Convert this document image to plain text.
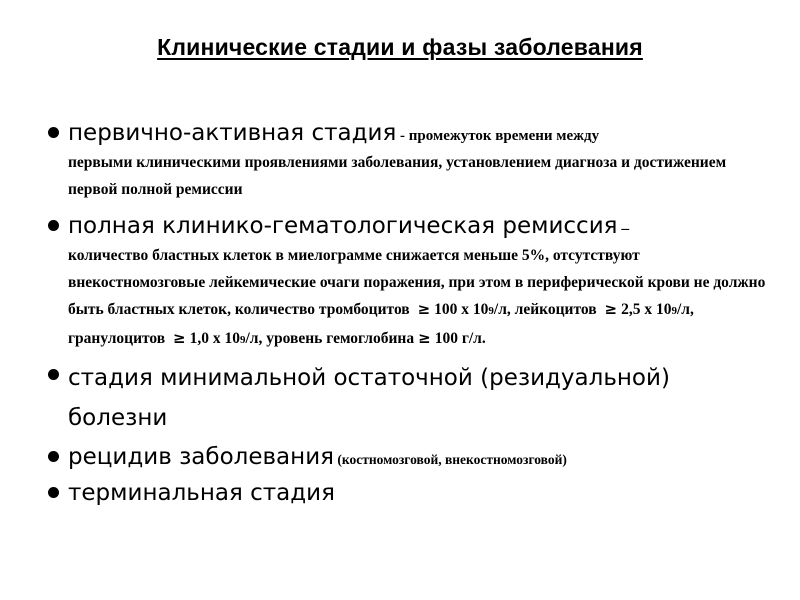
Клинические стадии и фазы заболевания
первично-активная стадия - промежуток времени между
первыми клиническими проявлениями заболевания, установлением диагноза и достижением первой полной ремиссии
полная клинико-гематологическая ремиссия –
количество бластных клеток в миелограмме снижается меньше 5%, отсутствуют внекостномозговые лейкемические очаги поражения, при этом в периферической крови не должно быть бластных клеток, количество тромбоцитов ≥ 100 х 109/л, лейкоцитов ≥ 2,5 х 109/л, гранулоцитов ≥ 1,0 х 109/л, уровень гемоглобина ≥ 100 г/л.
стадия минимальной остаточной (резидуальной) болезни
рецидив заболевания (костномозговой, внекостномозговой)
терминальная стадия
